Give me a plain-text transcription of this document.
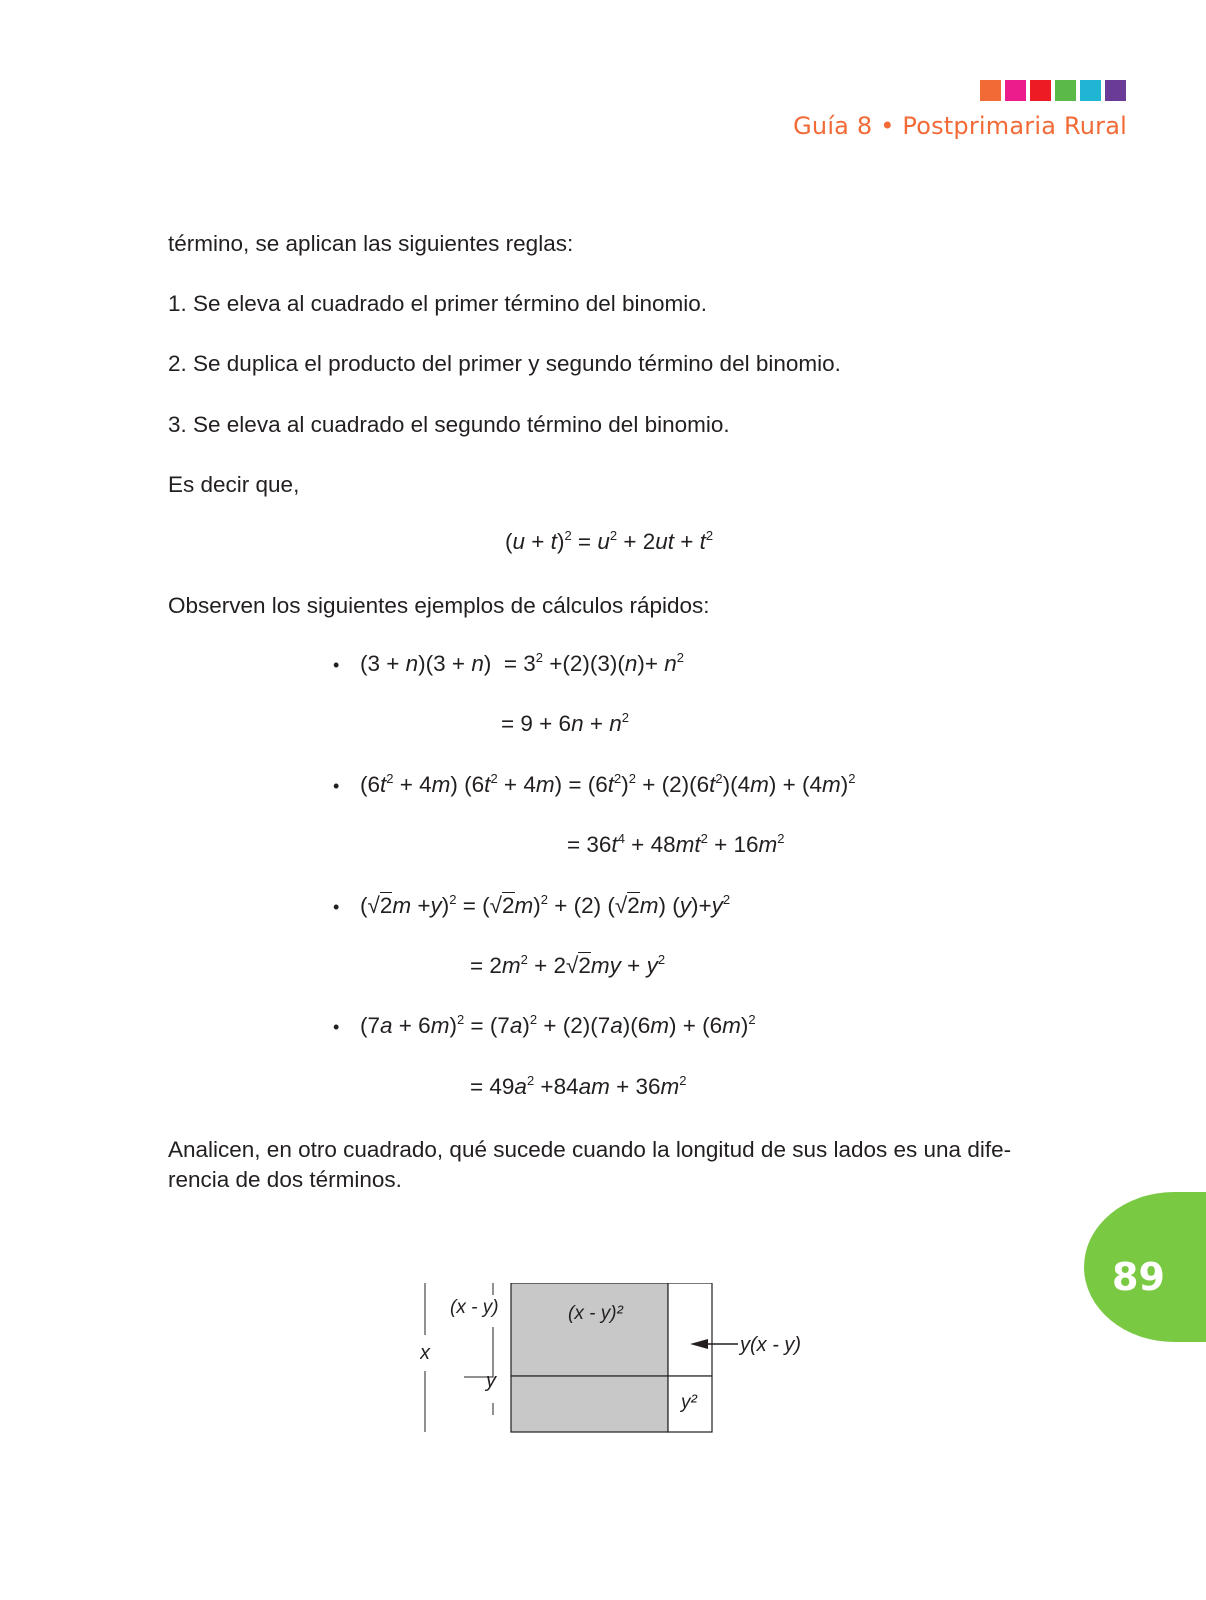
Guía 8 • Postprimaria Rural
término, se aplican las siguientes reglas:
1. Se eleva al cuadrado el primer término del binomio.
2. Se duplica el producto del primer y segundo término del binomio.
3. Se eleva al cuadrado el segundo término del binomio.
Es decir que,
$(u + t)^2 = u^2 + 2ut + t^2$
Observen los siguientes ejemplos de cálculos rápidos:
• $(3 + n)(3 + n) = 3^2 +(2)(3)(n)+ n^2$
= $9 + 6n + n^2$
• $(6t^2 + 4m) (6t^2 + 4m) = (6t^2)^2 + (2)(6t^2)(4m) + (4m)^2$
= $36t^4 + 48mt^2 + 16m^2$
• $(√2m +y)^2 = (√2m)^2 + (2)$ (√2m) $(y)+y^2$
= $2m^2 + 2√2my + y^2$
• $(7a + 6m)^2 = (7a)^2 + (2)(7a)(6m) + (6m)^2$
= $49a^2 +84am + 36m^2$
Analicen, en otro cuadrado, qué sucede cuando la longitud de sus lados es una dife-
rencia de dos términos.
x
(x - y)
y
(x - y)²
y²
y(x - y)
89
